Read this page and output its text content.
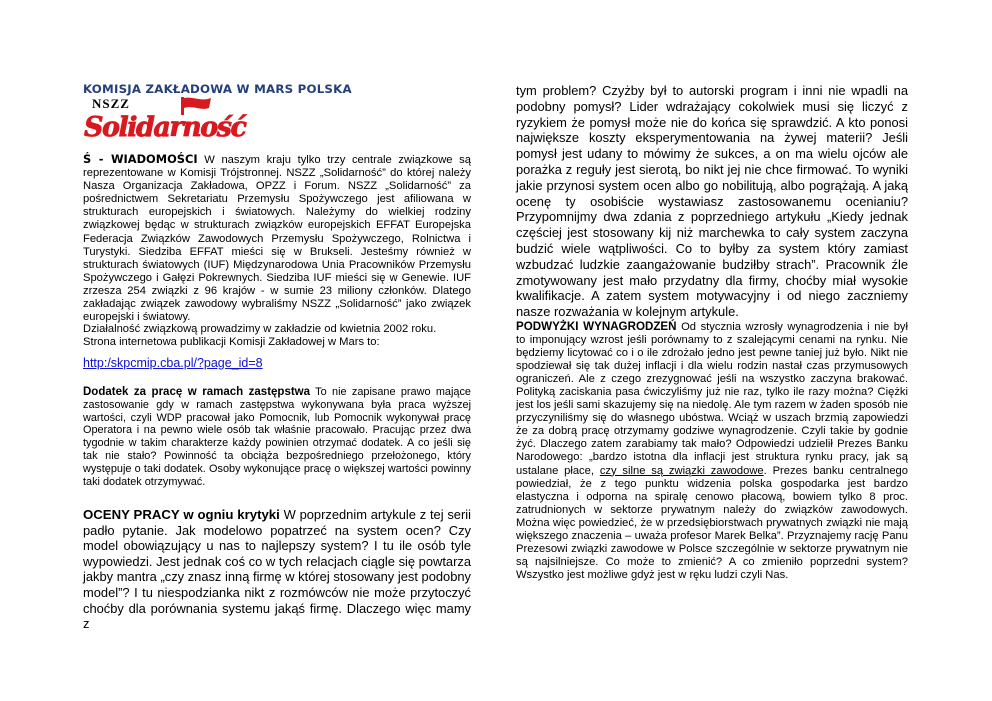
KOMISJA ZAKŁADOWA W MARS POLSKA
NSZZ
Solidarność

Ś - WIADOMOŚCI W naszym kraju tylko trzy centrale związkowe są reprezentowane w Komisji Trójstronnej. NSZZ „Solidarność” do której należy Nasza Organizacja Zakładowa, OPZZ i Forum. NSZZ „Solidarność” za pośrednictwem Sekretariatu Przemysłu Spożywczego jest afiliowana w strukturach europejskich i światowych. Należymy do wielkiej rodziny związkowej będąc w strukturach związków europejskich EFFAT Europejska Federacja Związków Zawodowych Przemysłu Spożywczego, Rolnictwa i Turystyki. Siedziba EFFAT mieści się w Brukseli. Jesteśmy również w strukturach światowych (IUF) Międzynarodowa Unia Pracowników Przemysłu Spożywczego i Gałęzi Pokrewnych. Siedziba IUF mieści się w Genewie. IUF zrzesza 254 związki z 96 krajów - w sumie 23 miliony członków. Dlatego zakładając związek zawodowy wybraliśmy NSZZ „Solidarność” jako związek europejski i światowy.

Działalność związkową prowadzimy w zakładzie od kwietnia 2002 roku. Strona internetowa publikacji Komisji Zakładowej w Mars to:

http:/skpcmip.cba.pl/?page_id=8

Dodatek za pracę w ramach zastępstwa To nie zapisane prawo mające zastosowanie gdy w ramach zastępstwa wykonywana była praca wyższej wartości, czyli WDP pracował jako Pomocnik, lub Pomocnik wykonywał pracę Operatora i na pewno wiele osób tak właśnie pracowało. Pracując przez dwa tygodnie w takim charakterze każdy powinien otrzymać dodatek. A co jeśli się tak nie stało? Powinność ta obciąża bezpośredniego przełożonego, który występuje o taki dodatek. Osoby wykonujące pracę o większej wartości powinny taki dodatek otrzymywać.

OCENY PRACY w ogniu krytyki W poprzednim artykule z tej serii padło pytanie. Jak modelowo popatrzeć na system ocen? Czy model obowiązujący u nas to najlepszy system? I tu ile osób tyle wypowiedzi. Jest jednak coś co w tych relacjach ciągle się powtarza jakby mantra „czy znasz inną firmę w której stosowany jest podobny model”? I tu niespodzianka nikt z rozmówców nie może przytoczyć choćby dla porównania systemu jakąś firmę. Dlaczego więc mamy z

tym problem? Czyżby był to autorski program i inni nie wpadli na podobny pomysł? Lider wdrażający cokolwiek musi się liczyć z ryzykiem że pomysł może nie do końca się sprawdzić. A kto ponosi największe koszty eksperymentowania na żywej materii? Jeśli pomysł jest udany to mówimy że sukces, a on ma wielu ojców ale porażka z reguły jest sierotą, bo nikt jej nie chce firmować. To wyniki jakie przynosi system ocen albo go nobilitują, albo pogrążają. A jaką ocenę ty osobiście wystawiasz zastosowanemu ocenianiu? Przypomnijmy dwa zdania z poprzedniego artykułu „Kiedy jednak częściej jest stosowany kij niż marchewka to cały system zaczyna budzić wiele wątpliwości. Co to byłby za system który zamiast wzbudzać ludzkie zaangażowanie budziłby strach”. Pracownik źle zmotywowany jest mało przydatny dla firmy, choćby miał wysokie kwalifikacje. A zatem system motywacyjny i od niego zaczniemy nasze rozważania w kolejnym artykule.

PODWYŻKI WYNAGRODZEŃ Od stycznia wzrosły wynagrodzenia i nie był to imponujący wzrost jeśli porównamy to z szalejącymi cenami na rynku. Nie będziemy licytować co i o ile zdrożało jedno jest pewne taniej już było. Nikt nie spodziewał się tak dużej inflacji i dla wielu rodzin nastał czas przymusowych ograniczeń. Ale z czego zrezygnować jeśli na wszystko zaczyna brakować. Polityką zaciskania pasa ćwiczyliśmy już nie raz, tylko ile razy można? Ciężki jest los jeśli sami skazujemy się na niedolę. Ale tym razem w żaden sposób nie przyczyniliśmy się do własnego ubóstwa. Wciąż w uszach brzmią zapowiedzi że za dobrą pracę otrzymamy godziwe wynagrodzenie. Czyli takie by godnie żyć. Dlaczego zatem zarabiamy tak mało? Odpowiedzi udzielił Prezes Banku Narodowego: „bardzo istotna dla inflacji jest struktura rynku pracy, jak są ustalane płace, czy silne są związki zawodowe. Prezes banku centralnego powiedział, że z tego punktu widzenia polska gospodarka jest bardzo elastyczna i odporna na spiralę cenowo płacową, bowiem tylko 8 proc. zatrudnionych w sektorze prywatnym należy do związków zawodowych. Można więc powiedzieć, że w przedsiębiorstwach prywatnych związki nie mają większego znaczenia – uważa profesor Marek Belka”. Przyznajemy rację Panu Prezesowi związki zawodowe w Polsce szczególnie w sektorze prywatnym nie są najsilniejsze. Co może to zmienić? A co zmieniło poprzedni system? Wszystko jest możliwe gdyż jest w ręku ludzi czyli Nas.
